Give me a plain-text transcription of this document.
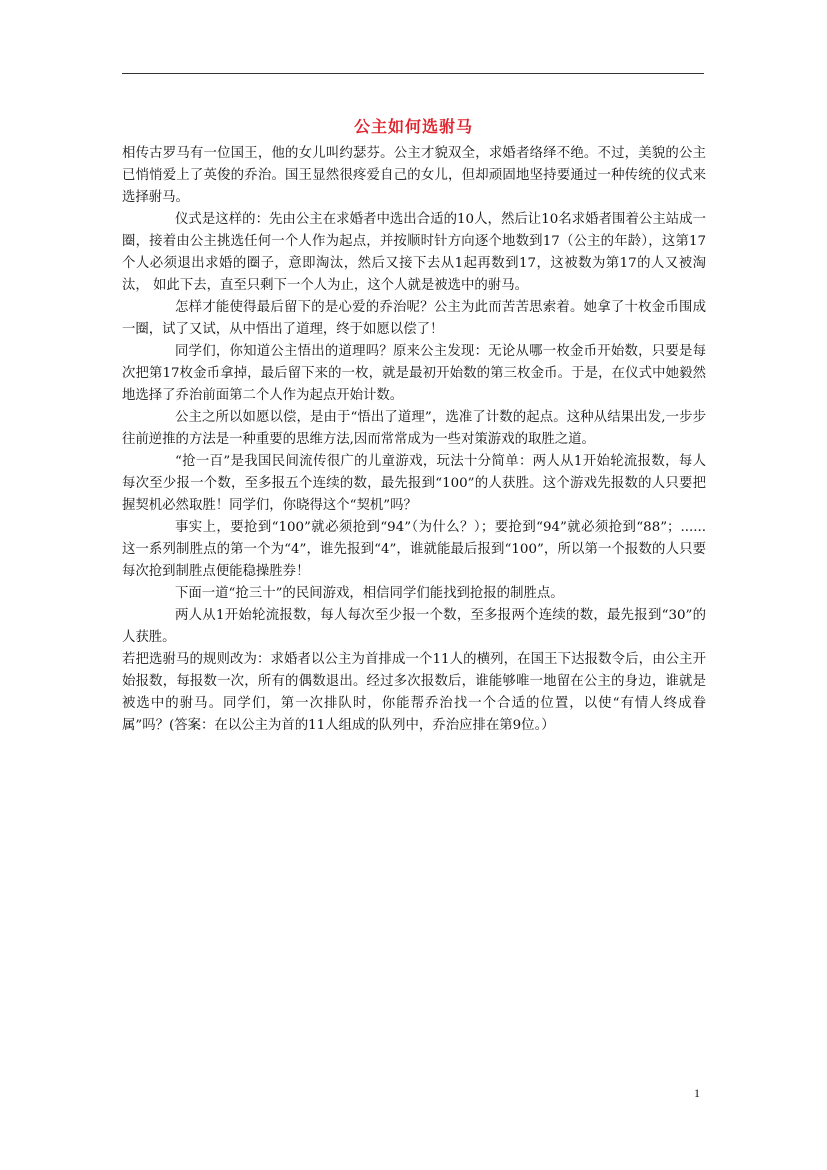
公主如何选驸马

相传古罗马有一位国王，他的女儿叫约瑟芬。公主才貌双全，求婚者络绎不绝。不过，美貌的公主已悄悄爱上了英俊的乔治。国王显然很疼爱自己的女儿，但却顽固地坚持要通过一种传统的仪式来选择驸马。

仪式是这样的：先由公主在求婚者中选出合适的10人，然后让10名求婚者围着公主站成一圈，接着由公主挑选任何一个人作为起点，并按顺时针方向逐个地数到17（公主的年龄），这第17个人必须退出求婚的圈子，意即淘汰，然后又接下去从1起再数到17，这被数为第17的人又被淘汰， 如此下去，直至只剩下一个人为止，这个人就是被选中的驸马。

怎样才能使得最后留下的是心爱的乔治呢？公主为此而苦苦思索着。她拿了十枚金币围成一圈，试了又试，从中悟出了道理，终于如愿以偿了！

同学们，你知道公主悟出的道理吗？原来公主发现：无论从哪一枚金币开始数，只要是每次把第17枚金币拿掉，最后留下来的一枚，就是最初开始数的第三枚金币。于是，在仪式中她毅然地选择了乔治前面第二个人作为起点开始计数。

公主之所以如愿以偿，是由于“悟出了道理”，选准了计数的起点。这种从结果出发,一步步往前逆推的方法是一种重要的思维方法,因而常常成为一些对策游戏的取胜之道。

“抢一百”是我国民间流传很广的儿童游戏，玩法十分简单：两人从1开始轮流报数，每人每次至少报一个数，至多报五个连续的数，最先报到“100”的人获胜。这个游戏先报数的人只要把握契机必然取胜！同学们，你晓得这个“契机”吗？

事实上，要抢到“100”就必须抢到“94”（为什么？）；要抢到“94”就必须抢到“88”；......这一系列制胜点的第一个为“4”，谁先报到“4”，谁就能最后报到“100”，所以第一个报数的人只要每次抢到制胜点便能稳操胜券！

下面一道“抢三十”的民间游戏，相信同学们能找到抢报的制胜点。

两人从1开始轮流报数，每人每次至少报一个数，至多报两个连续的数，最先报到“30”的人获胜。

若把选驸马的规则改为：求婚者以公主为首排成一个11人的横列，在国王下达报数令后，由公主开始报数，每报数一次，所有的偶数退出。经过多次报数后，谁能够唯一地留在公主的身边，谁就是被选中的驸马。同学们，第一次排队时，你能帮乔治找一个合适的位置，以使“有情人终成眷属”吗？(答案：在以公主为首的11人组成的队列中，乔治应排在第9位。）

1
